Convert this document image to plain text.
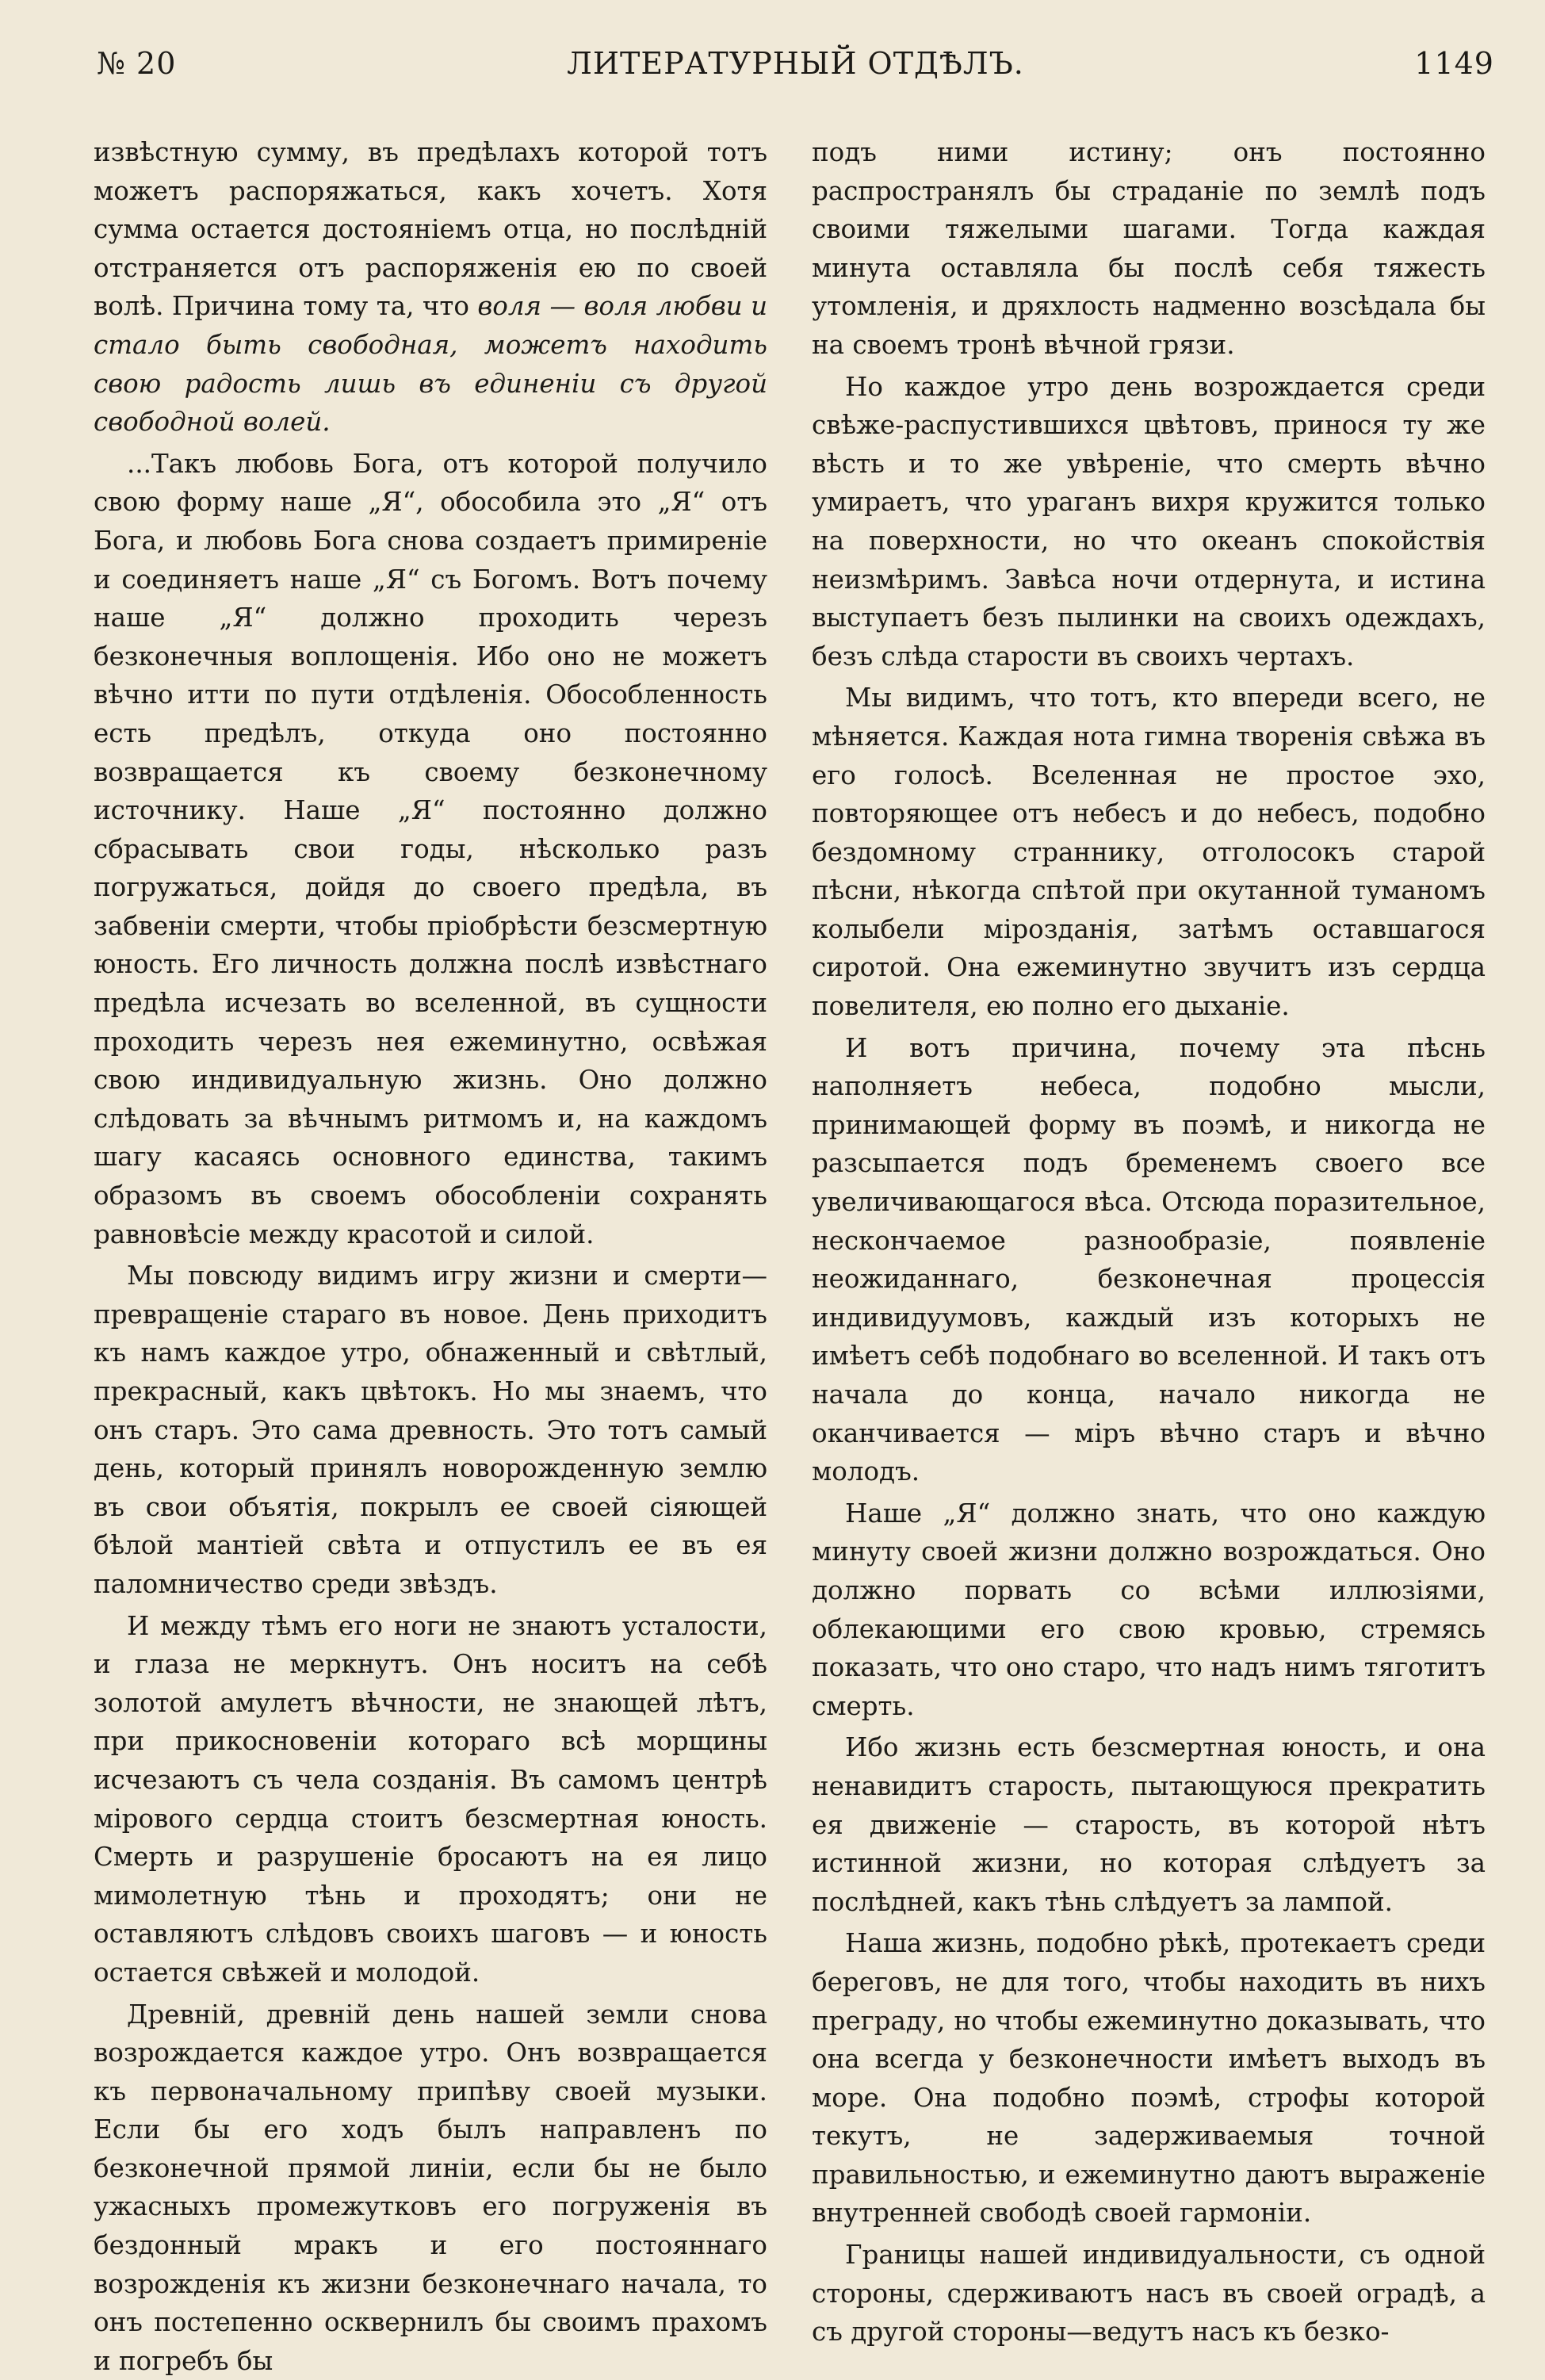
№ 20	ЛИТЕРАТУРНЫЙ ОТДѢЛЪ.	1149

извѣстную сумму, въ предѣлахъ которой тотъ можетъ распоряжаться, какъ хочетъ. Хотя сумма остается достояніемъ отца, но послѣдній отстраняется отъ распоряженія ею по своей волѣ. Причина тому та, что воля — воля любви и стало быть свободная, можетъ находить свою радость лишь въ единеніи съ другой свободной волей.

...Такъ любовь Бога, отъ которой получило свою форму наше „Я“, обособила это „Я“ отъ Бога, и любовь Бога снова создаетъ примиреніе и соединяетъ наше „Я“ съ Богомъ. Вотъ почему наше „Я“ должно проходить черезъ безконечныя воплощенія. Ибо оно не можетъ вѣчно итти по пути отдѣленія. Обособленность есть предѣлъ, откуда оно постоянно возвращается къ своему безконечному источнику. Наше „Я“ постоянно должно сбрасывать свои годы, нѣсколько разъ погружаться, дойдя до своего предѣла, въ забвеніи смерти, чтобы пріобрѣсти безсмертную юность. Его личность должна послѣ извѣстнаго предѣла исчезать во вселенной, въ сущности проходить черезъ нея ежеминутно, освѣжая свою индивидуальную жизнь. Оно должно слѣдовать за вѣчнымъ ритмомъ и, на каждомъ шагу касаясь основного единства, такимъ образомъ въ своемъ обособленіи сохранять равновѣсіе между красотой и силой.

Мы повсюду видимъ игру жизни и смерти— превращеніе стараго въ новое. День приходитъ къ намъ каждое утро, обнаженный и свѣтлый, прекрасный, какъ цвѣтокъ. Но мы знаемъ, что онъ старъ. Это сама древность. Это тотъ самый день, который принялъ новорожденную землю въ свои объятія, покрылъ ее своей сіяющей бѣлой мантіей свѣта и отпустилъ ее въ ея паломничество среди звѣздъ.

И между тѣмъ его ноги не знаютъ усталости, и глаза не меркнутъ. Онъ носитъ на себѣ золотой амулетъ вѣчности, не знающей лѣтъ, при прикосновеніи котораго всѣ морщины исчезаютъ съ чела созданія. Въ самомъ центрѣ мірового сердца стоитъ безсмертная юность. Смерть и разрушеніе бросаютъ на ея лицо мимолетную тѣнь и проходятъ; они не оставляютъ слѣдовъ своихъ шаговъ — и юность остается свѣжей и молодой.

Древній, древній день нашей земли снова возрождается каждое утро. Онъ возвращается къ первоначальному припѣву своей музыки. Если бы его ходъ былъ направленъ по безконечной прямой линіи, если бы не было ужасныхъ промежутковъ его погруженія въ бездонный мракъ и его постояннаго возрожденія къ жизни безконечнаго начала, то онъ постепенно осквернилъ бы своимъ прахомъ и погребъ бы

подъ ними истину; онъ постоянно распространялъ бы страданіе по землѣ подъ своими тяжелыми шагами. Тогда каждая минута оставляла бы послѣ себя тяжесть утомленія, и дряхлость надменно возсѣдала бы на своемъ тронѣ вѣчной грязи.

Но каждое утро день возрождается среди свѣже-распустившихся цвѣтовъ, принося ту же вѣсть и то же увѣреніе, что смерть вѣчно умираетъ, что ураганъ вихря кружится только на поверхности, но что океанъ спокойствія неизмѣримъ. Завѣса ночи отдернута, и истина выступаетъ безъ пылинки на своихъ одеждахъ, безъ слѣда старости въ своихъ чертахъ.

Мы видимъ, что тотъ, кто впереди всего, не мѣняется. Каждая нота гимна творенія свѣжа въ его голосѣ. Вселенная не простое эхо, повторяющее отъ небесъ и до небесъ, подобно бездомному страннику, отголосокъ старой пѣсни, нѣкогда спѣтой при окутанной туманомъ колыбели мірозданія, затѣмъ оставшагося сиротой. Она ежеминутно звучитъ изъ сердца повелителя, ею полно его дыханіе.

И вотъ причина, почему эта пѣснь наполняетъ небеса, подобно мысли, принимающей форму въ поэмѣ, и никогда не разсыпается подъ бременемъ своего все увеличивающагося вѣса. Отсюда поразительное, нескончаемое разнообразіе, появленіе неожиданнаго, безконечная процессія индивидуумовъ, каждый изъ которыхъ не имѣетъ себѣ подобнаго во вселенной. И такъ отъ начала до конца, начало никогда не оканчивается — міръ вѣчно старъ и вѣчно молодъ.

Наше „Я“ должно знать, что оно каждую минуту своей жизни должно возрождаться. Оно должно порвать со всѣми иллюзіями, облекающими его свою кровью, стремясь показать, что оно старо, что надъ нимъ тяготитъ смерть.

Ибо жизнь есть безсмертная юность, и она ненавидитъ старость, пытающуюся прекратить ея движеніе — старость, въ которой нѣтъ истинной жизни, но которая слѣдуетъ за послѣдней, какъ тѣнь слѣдуетъ за лампой.

Наша жизнь, подобно рѣкѣ, протекаетъ среди береговъ, не для того, чтобы находить въ нихъ преграду, но чтобы ежеминутно доказывать, что она всегда у безконечности имѣетъ выходъ въ море. Она подобно поэмѣ, строфы которой текутъ, не задерживаемыя точной правильностью, и ежеминутно даютъ выраженіе внутренней свободѣ своей гармоніи.

Границы нашей индивидуальности, съ одной стороны, сдерживаютъ насъ въ своей оградѣ, а съ другой стороны—ведутъ насъ къ безко-
